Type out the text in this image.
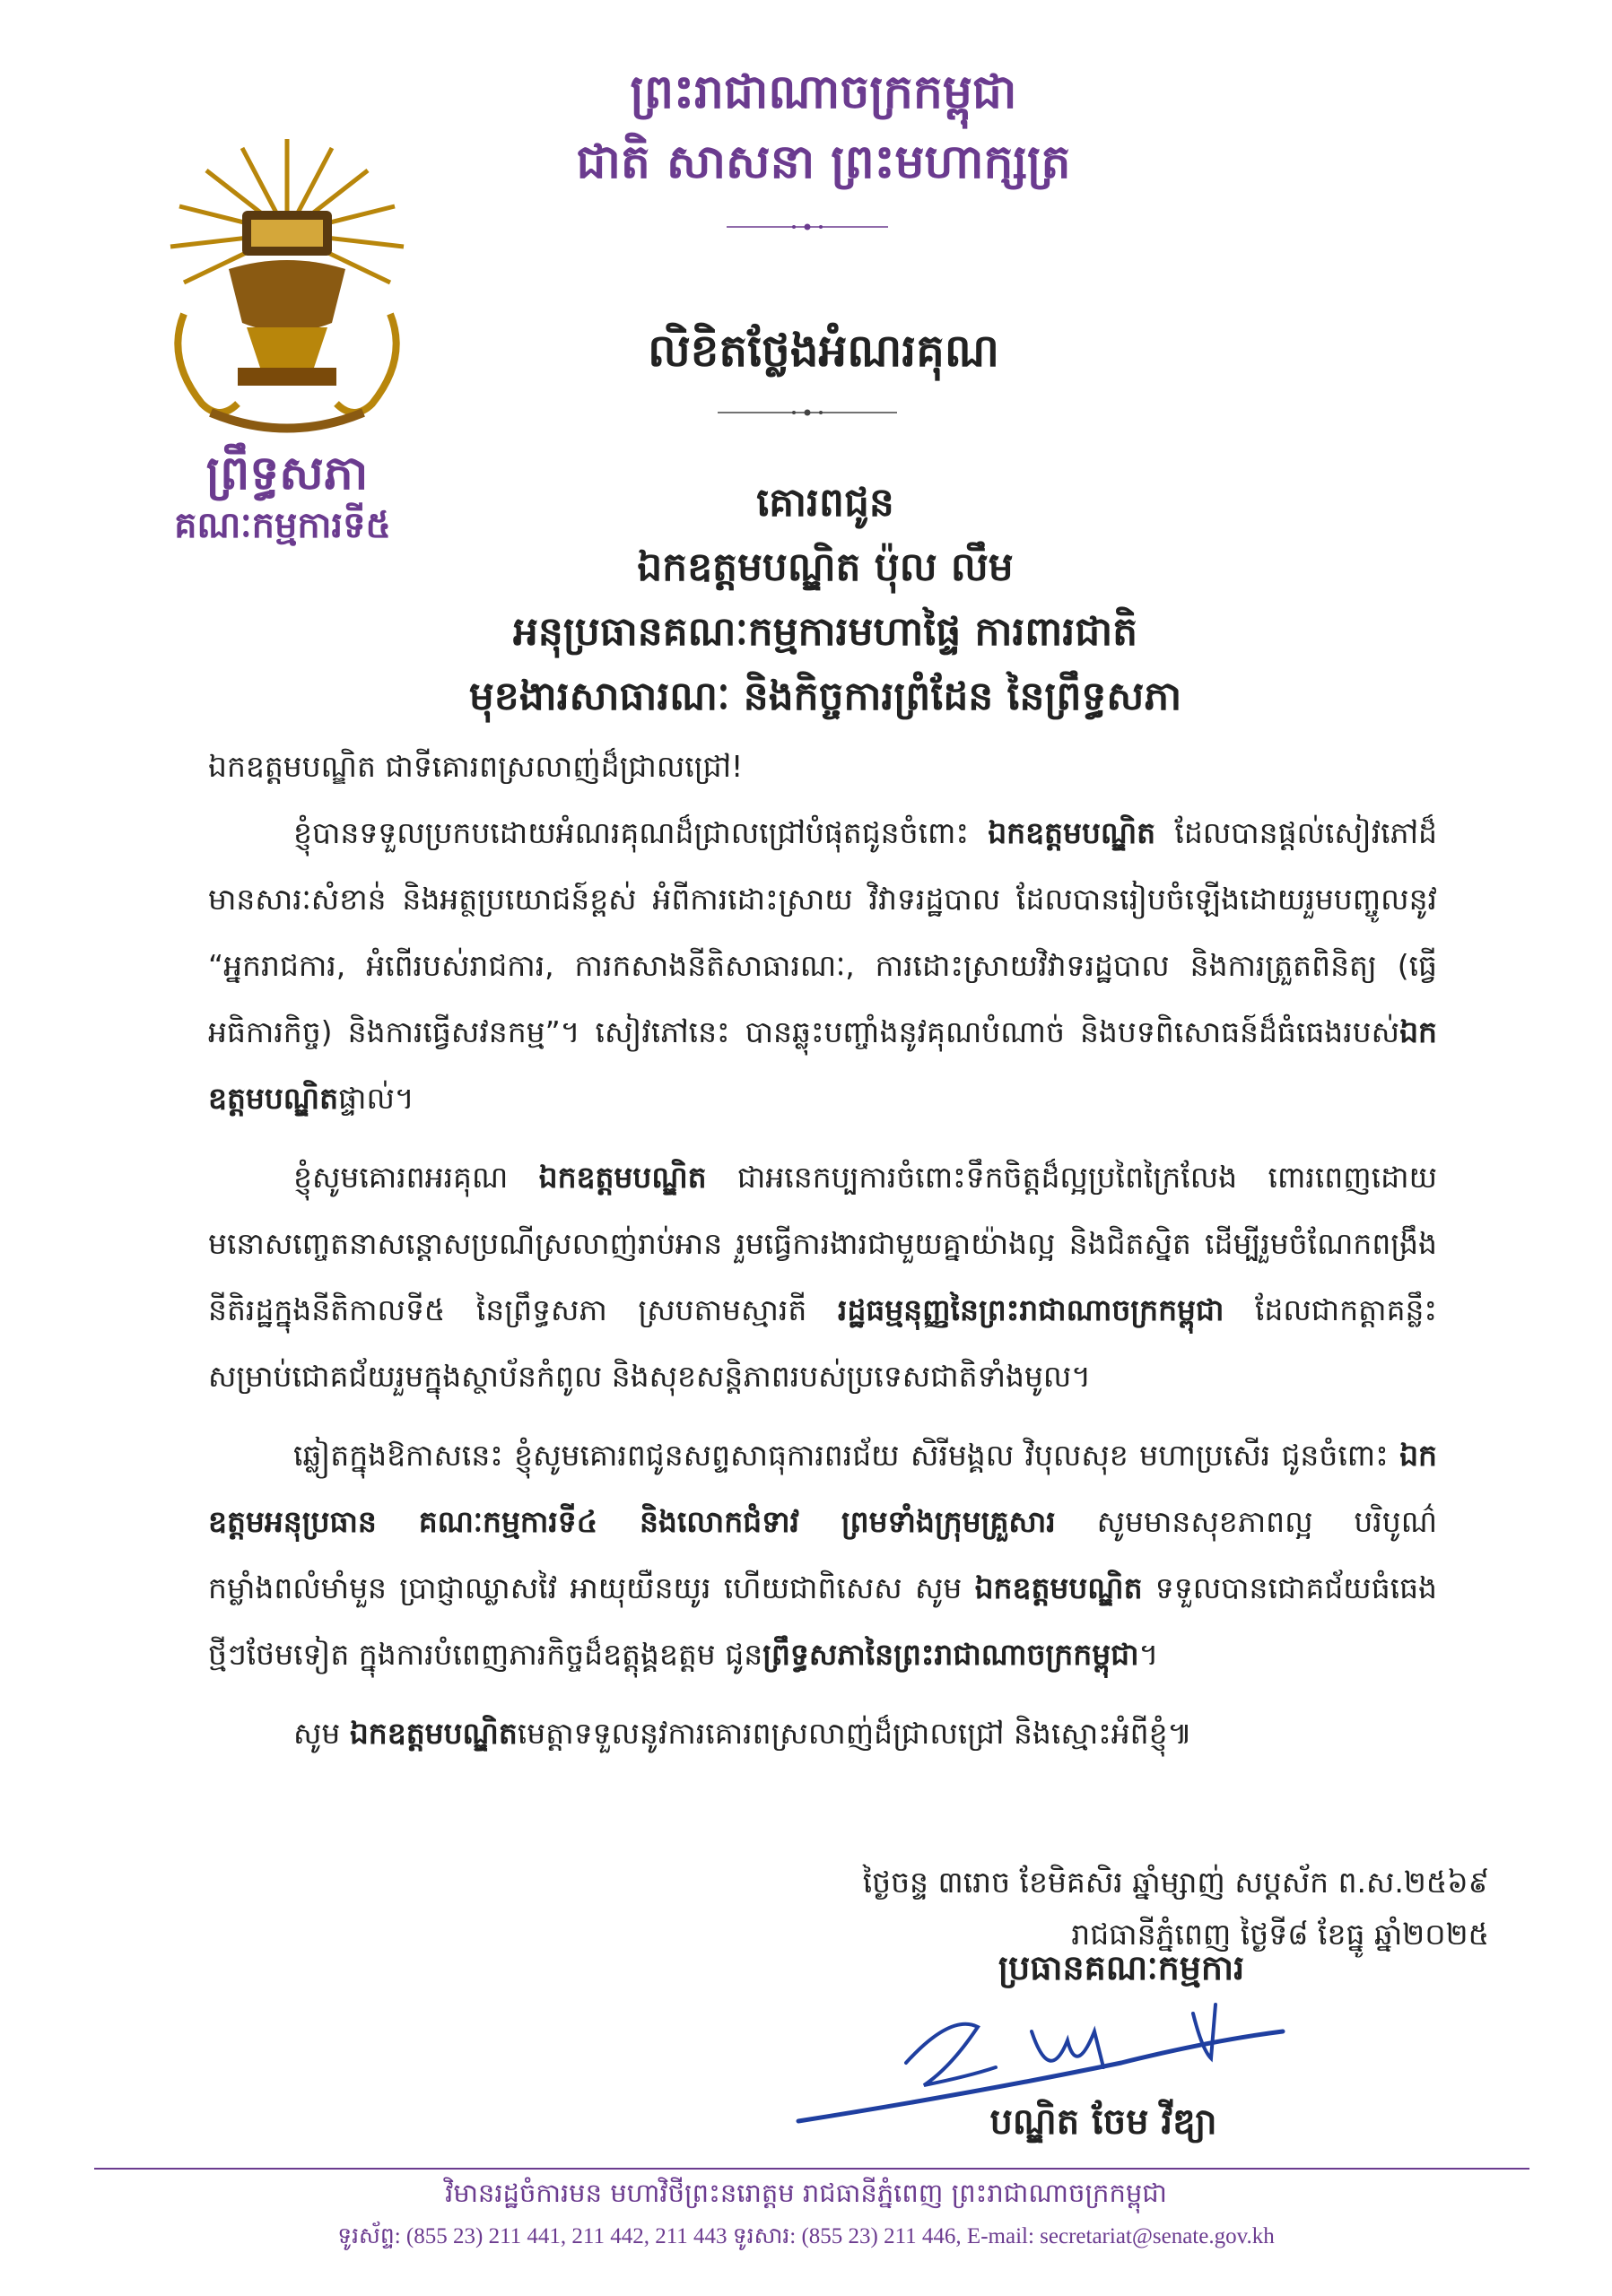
ព្រះរាជាណាចក្រកម្ពុជា
ជាតិ សាសនា ព្រះមហាក្សត្រ
ព្រឹទ្ធសភា
គណៈកម្មការទី៥
លិខិតថ្លែងអំណរគុណ
គោរពជូន
ឯកឧត្តមបណ្ឌិត ប៉ុល លឹម
អនុប្រធានគណៈកម្មការមហាផ្ទៃ ការពារជាតិ
មុខងារសាធារណៈ និងកិច្ចការព្រំដែន នៃព្រឹទ្ធសភា

ឯកឧត្តមបណ្ឌិត ជាទីគោរពស្រលាញ់ដ៏ជ្រាលជ្រៅ!

ខ្ញុំបានទទួលប្រកបដោយអំណរគុណដ៏ជ្រាលជ្រៅបំផុតជូនចំពោះ ឯកឧត្តមបណ្ឌិត ដែលបានផ្ដល់សៀវភៅដ៏មានសារៈសំខាន់ និងអត្ថប្រយោជន៍ខ្ពស់ អំពីការដោះស្រាយ វិវាទរដ្ឋបាល ដែលបានរៀបចំឡើងដោយរួមបញ្ចូលនូវ “អ្នករាជការ, អំពើរបស់រាជការ, ការកសាងនីតិសាធារណៈ, ការដោះស្រាយវិវាទរដ្ឋបាល និងការត្រួតពិនិត្យ (ធ្វើអធិការកិច្ច) និងការធ្វើសវនកម្ម”។ សៀវភៅនេះ បានឆ្លុះបញ្ចាំងនូវគុណបំណាច់ និងបទពិសោធន៍ដ៏ធំធេងរបស់ឯកឧត្តមបណ្ឌិតផ្ទាល់។

ខ្ញុំសូមគោរពអរគុណ ឯកឧត្តមបណ្ឌិត ជាអនេកប្បការចំពោះទឹកចិត្តដ៏ល្អប្រពៃក្រៃលែង ពោរពេញដោយមនោសញ្ចេតនាសន្តោសប្រណីស្រលាញ់រាប់អាន រួមធ្វើការងារជាមួយគ្នាយ៉ាងល្អ និងជិតស្និត ដើម្បីរួមចំណែកពង្រឹងនីតិរដ្ឋក្នុងនីតិកាលទី៥ នៃព្រឹទ្ធសភា ស្របតាមស្មារតី រដ្ឋធម្មនុញ្ញនៃព្រះរាជាណាចក្រកម្ពុជា ដែលជាកត្តាគន្លឹះ សម្រាប់ជោគជ័យរួមក្នុងស្ថាប័នកំពូល និងសុខសន្តិភាពរបស់ប្រទេសជាតិទាំងមូល។

ឆ្លៀតក្នុងឱកាសនេះ ខ្ញុំសូមគោរពជូនសព្ទសាធុការពរជ័យ សិរីមង្គល វិបុលសុខ មហាប្រសើរ ជូនចំពោះ ឯកឧត្តមអនុប្រធាន គណៈកម្មការទី៤ និងលោកជំទាវ ព្រមទាំងក្រុមគ្រួសារ សូមមានសុខភាពល្អ បរិបូណ៌ កម្លាំងពលំមាំមួន ប្រាជ្ញាឈ្លាសវៃ អាយុយឺនយូរ ហើយជាពិសេស សូម ឯកឧត្តមបណ្ឌិត ទទួលបានជោគជ័យធំធេងថ្មីៗថែមទៀត ក្នុងការបំពេញភារកិច្ចដ៏ឧត្តុង្គឧត្តម ជូនព្រឹទ្ធសភានៃព្រះរាជាណាចក្រកម្ពុជា។

សូម ឯកឧត្តមបណ្ឌិតមេត្តាទទួលនូវការគោរពស្រលាញ់ដ៏ជ្រាលជ្រៅ និងស្មោះអំពីខ្ញុំ៕

ថ្ងៃចន្ទ ៣រោច ខែមិគសិរ ឆ្នាំម្សាញ់ សប្តស័ក ព.ស.២៥៦៩
រាជធានីភ្នំពេញ ថ្ងៃទី៨ ខែធ្នូ ឆ្នាំ២០២៥
ប្រធានគណៈកម្មការ
បណ្ឌិត ចែម វីឌ្យា
វិមានរដ្ឋចំការមន មហាវិថីព្រះនរោត្តម រាជធានីភ្នំពេញ ព្រះរាជាណាចក្រកម្ពុជា
ទូរស័ព្ទ: (855 23) 211 441, 211 442, 211 443 ទូរសារ: (855 23) 211 446, E-mail: secretariat@senate.gov.kh
